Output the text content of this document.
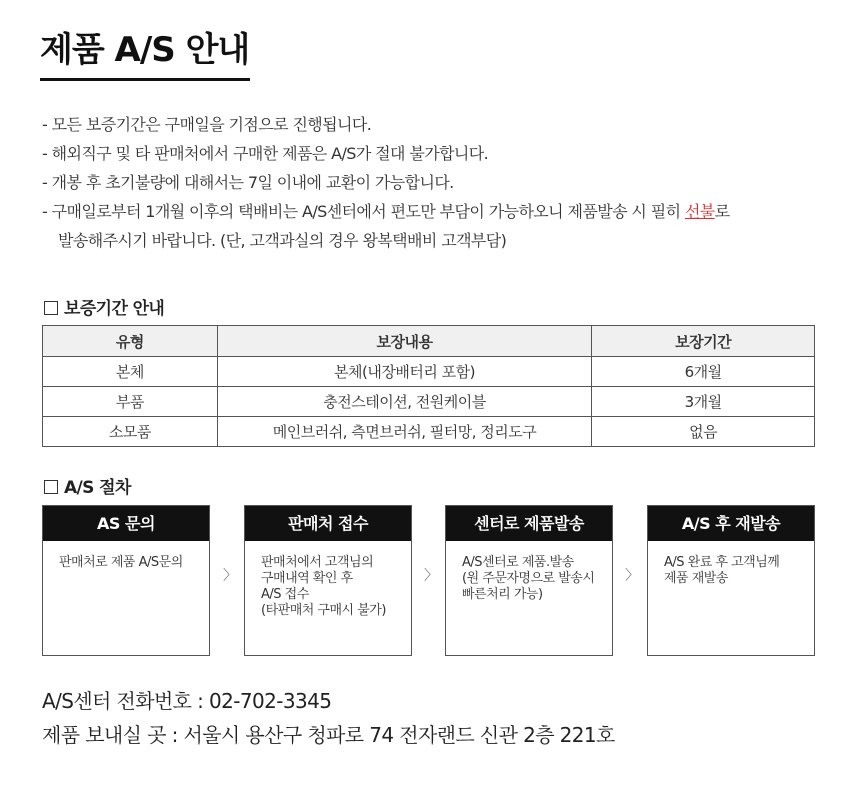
제품 A/S 안내
- 모든 보증기간은 구매일을 기점으로 진행됩니다.
- 해외직구 및 타 판매처에서 구매한 제품은 A/S가 절대 불가합니다.
- 개봉 후 초기불량에 대해서는 7일 이내에 교환이 가능합니다.
- 구매일로부터 1개월 이후의 택배비는 A/S센터에서 편도만 부담이 가능하오니 제품발송 시 필히 선불로
발송해주시기 바랍니다. (단, 고객과실의 경우 왕복택배비 고객부담)
보증기간 안내
유형	보장내용	보장기간
본체	본체(내장배터리 포함)	6개월
부품	충전스테이션, 전원케이블	3개월
소모품	메인브러쉬, 측면브러쉬, 필터망, 정리도구	없음
A/S 절차
AS 문의
판매처로 제품 A/S문의
〉
판매처 접수
판매처에서 고객님의
구매내역 확인 후
A/S 접수
(타판매처 구매시 불가)
〉
센터로 제품발송
A/S센터로 제품.발송
(원 주문자명으로 발송시
빠른처리 가능)
〉
A/S 후 재발송
A/S 완료 후 고객님께
제품 재발송
A/S센터 전화번호 : 02-702-3345
제품 보내실 곳 : 서울시 용산구 청파로 74 전자랜드 신관 2층 221호
